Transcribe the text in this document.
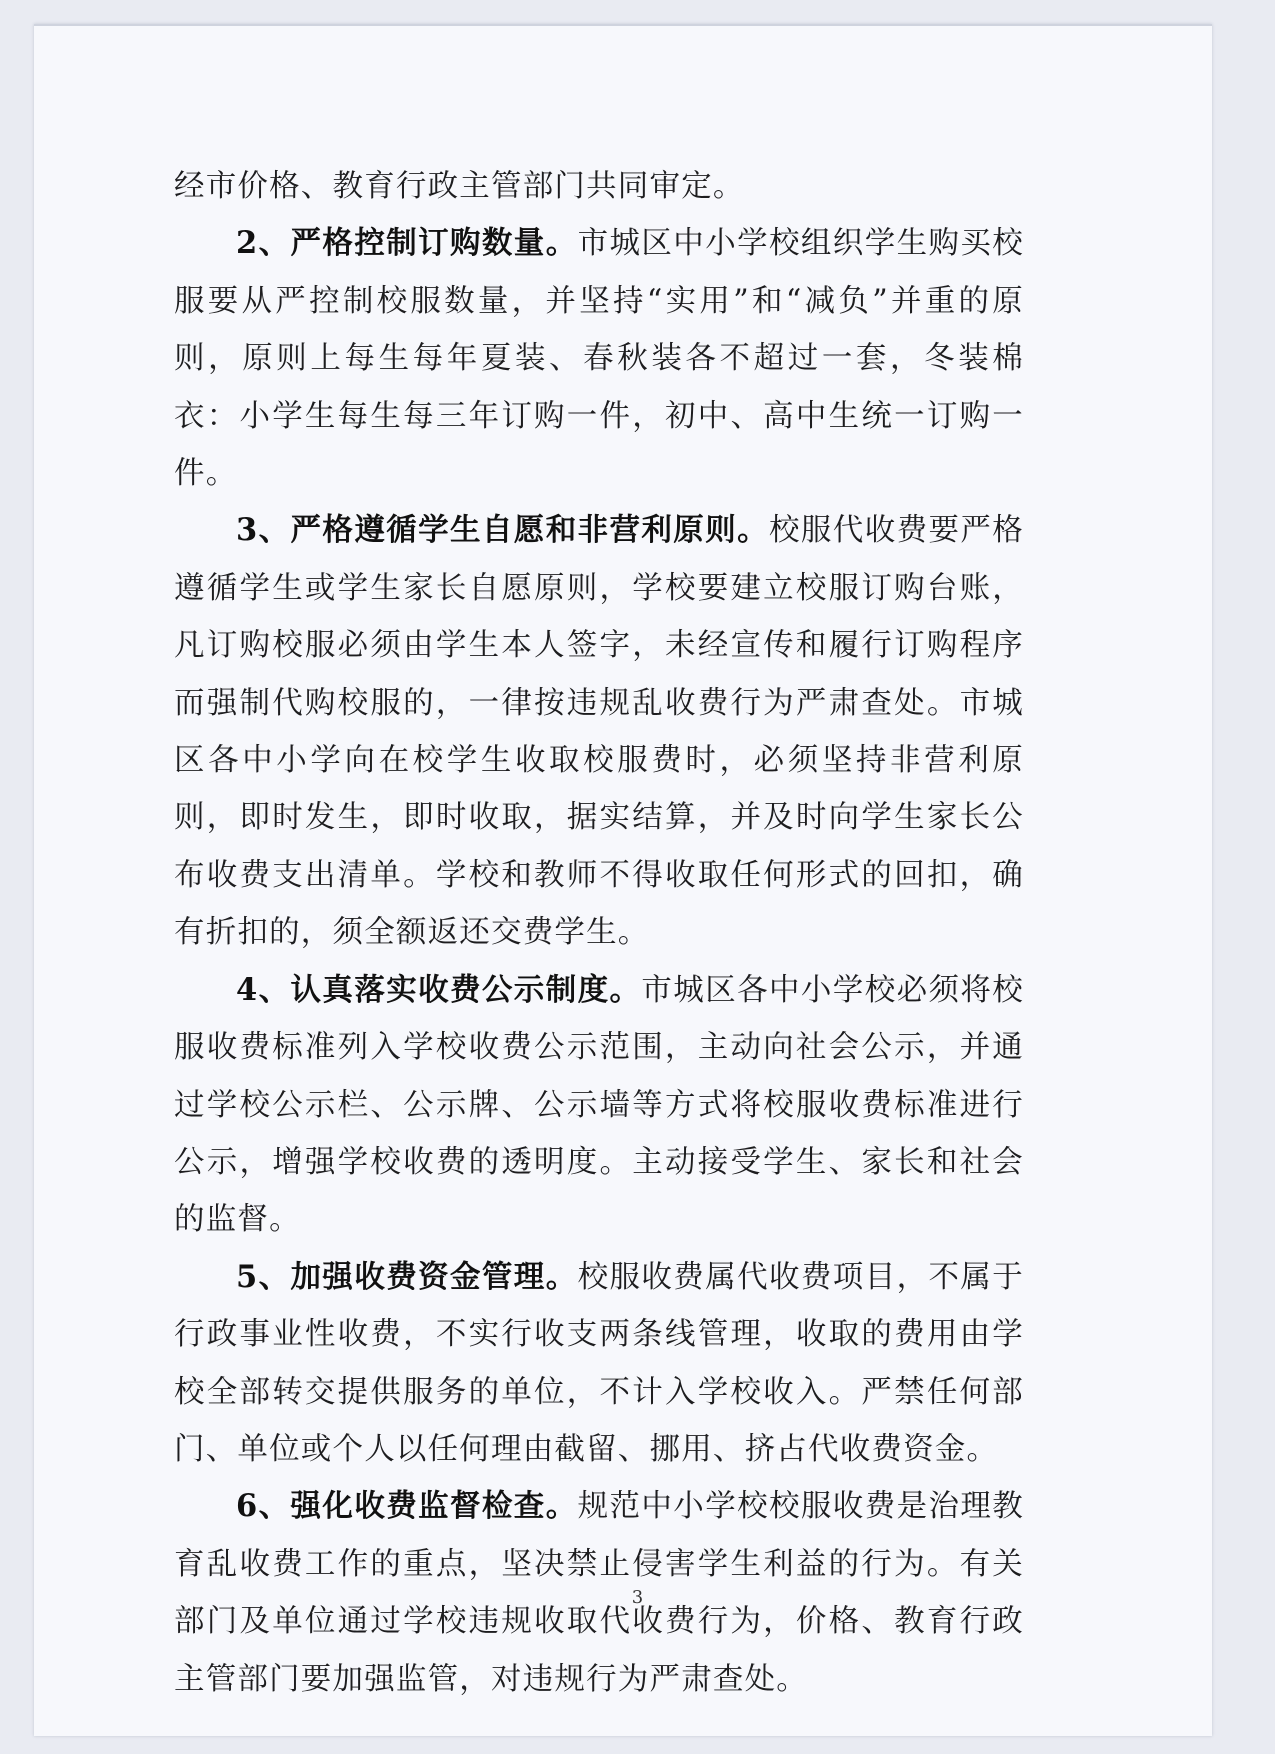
经市价格、教育行政主管部门共同审定。

2、严格控制订购数量。市城区中小学校组织学生购买校服要从严控制校服数量，并坚持“实用”和“减负”并重的原则，原则上每生每年夏装、春秋装各不超过一套，冬装棉衣：小学生每生每三年订购一件，初中、高中生统一订购一件。

3、严格遵循学生自愿和非营利原则。校服代收费要严格遵循学生或学生家长自愿原则，学校要建立校服订购台账，凡订购校服必须由学生本人签字，未经宣传和履行订购程序而强制代购校服的，一律按违规乱收费行为严肃查处。市城区各中小学向在校学生收取校服费时，必须坚持非营利原则，即时发生，即时收取，据实结算，并及时向学生家长公布收费支出清单。学校和教师不得收取任何形式的回扣，确有折扣的，须全额返还交费学生。

4、认真落实收费公示制度。市城区各中小学校必须将校服收费标准列入学校收费公示范围，主动向社会公示，并通过学校公示栏、公示牌、公示墙等方式将校服收费标准进行公示，增强学校收费的透明度。主动接受学生、家长和社会的监督。

5、加强收费资金管理。校服收费属代收费项目，不属于行政事业性收费，不实行收支两条线管理，收取的费用由学校全部转交提供服务的单位，不计入学校收入。严禁任何部门、单位或个人以任何理由截留、挪用、挤占代收费资金。

6、强化收费监督检查。规范中小学校校服收费是治理教育乱收费工作的重点，坚决禁止侵害学生利益的行为。有关部门及单位通过学校违规收取代收费行为，价格、教育行政主管部门要加强监管，对违规行为严肃查处。

3
